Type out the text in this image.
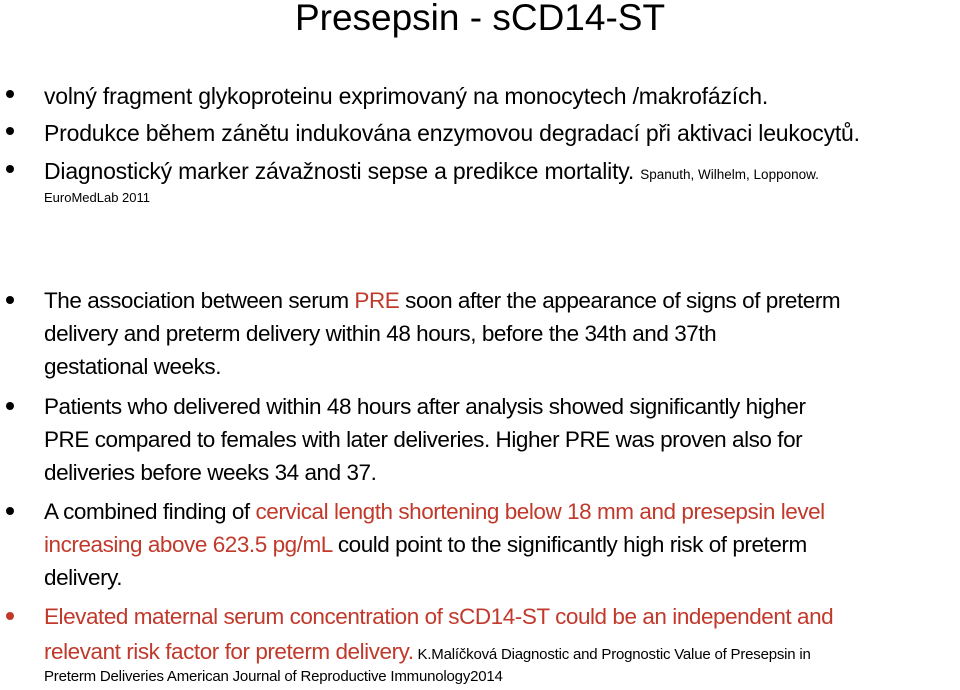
Presepsin - sCD14-ST
volný fragment glykoproteinu exprimovaný na monocytech /makrofázích.
Produkce během zánětu indukována enzymovou degradací při aktivaci leukocytů.
Diagnostický marker závažnosti sepse a predikce mortality. Spanuth, Wilhelm, Lopponow.
EuroMedLab 2011
The association between serum PRE soon after the appearance of signs of preterm
delivery and preterm delivery within 48 hours, before the 34th and 37th
gestational weeks.
Patients who delivered within 48 hours after analysis showed significantly higher
PRE compared to females with later deliveries. Higher PRE was proven also for
deliveries before weeks 34 and 37.
A combined finding of cervical length shortening below 18 mm and presepsin level
increasing above 623.5 pg/mL could point to the significantly high risk of preterm
delivery.
Elevated maternal serum concentration of sCD14-ST could be an independent and
relevant risk factor for preterm delivery. K.Malíčková Diagnostic and Prognostic Value of Presepsin in
Preterm Deliveries American Journal of Reproductive Immunology2014
